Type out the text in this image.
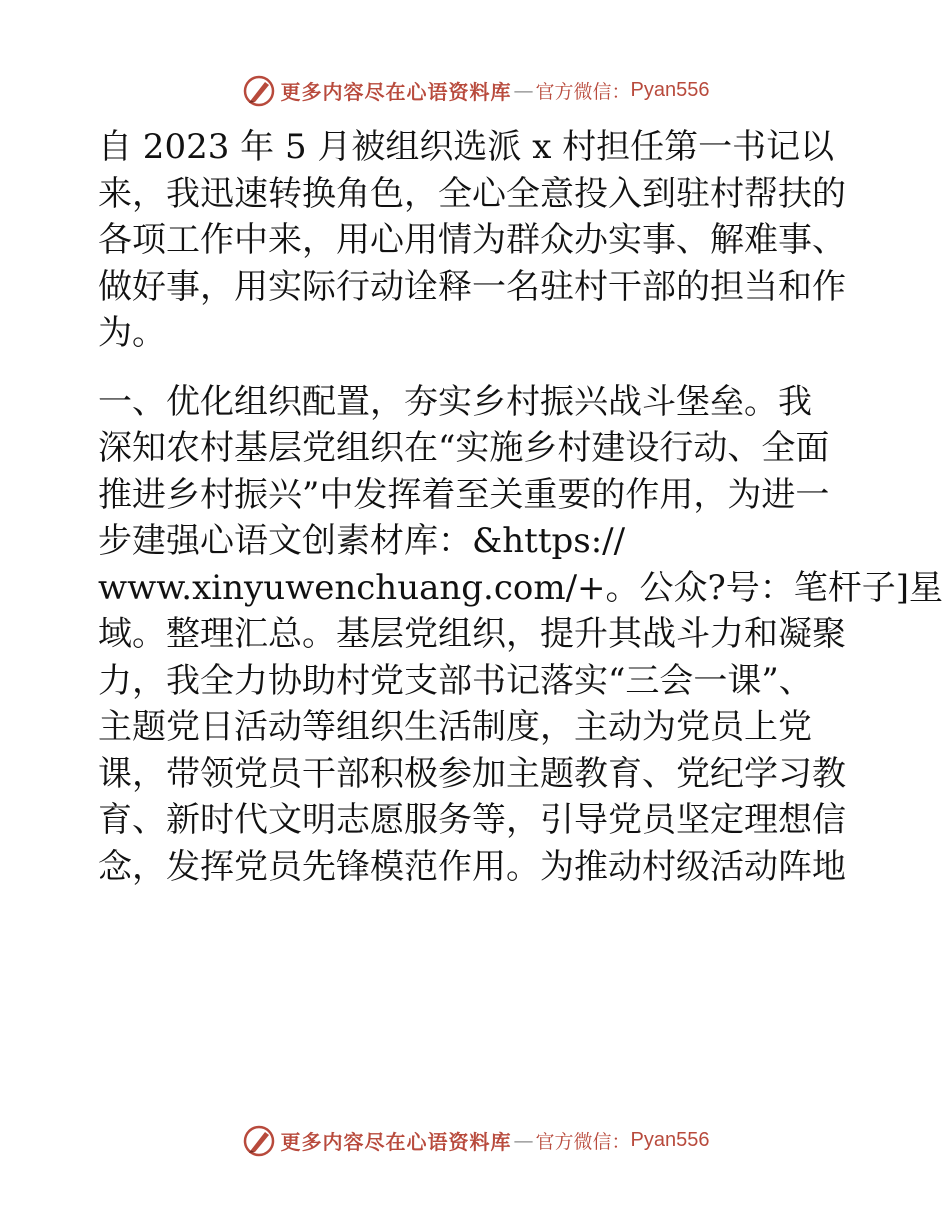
更多内容尽在心语资料库 — 官方微信： Pyan556
自 2023 年 5 月被组织选派 x 村担任第一书记以
来，我迅速转换角色，全心全意投入到驻村帮扶的
各项工作中来，用心用情为群众办实事、解难事、
做好事，用实际行动诠释一名驻村干部的担当和作
为。
一、优化组织配置，夯实乡村振兴战斗堡垒。我
深知农村基层党组织在“实施乡村建设行动、全面
推进乡村振兴”中发挥着至关重要的作用，为进一
步建强心语文创素材库：&https://
www.xinyuwenchuang.com/+。公众?号：笔杆子]星
域。整理汇总。基层党组织，提升其战斗力和凝聚
力，我全力协助村党支部书记落实“三会一课”、
主题党日活动等组织生活制度，主动为党员上党
课，带领党员干部积极参加主题教育、党纪学习教
育、新时代文明志愿服务等，引导党员坚定理想信
念，发挥党员先锋模范作用。为推动村级活动阵地
更多内容尽在心语资料库 — 官方微信： Pyan556
